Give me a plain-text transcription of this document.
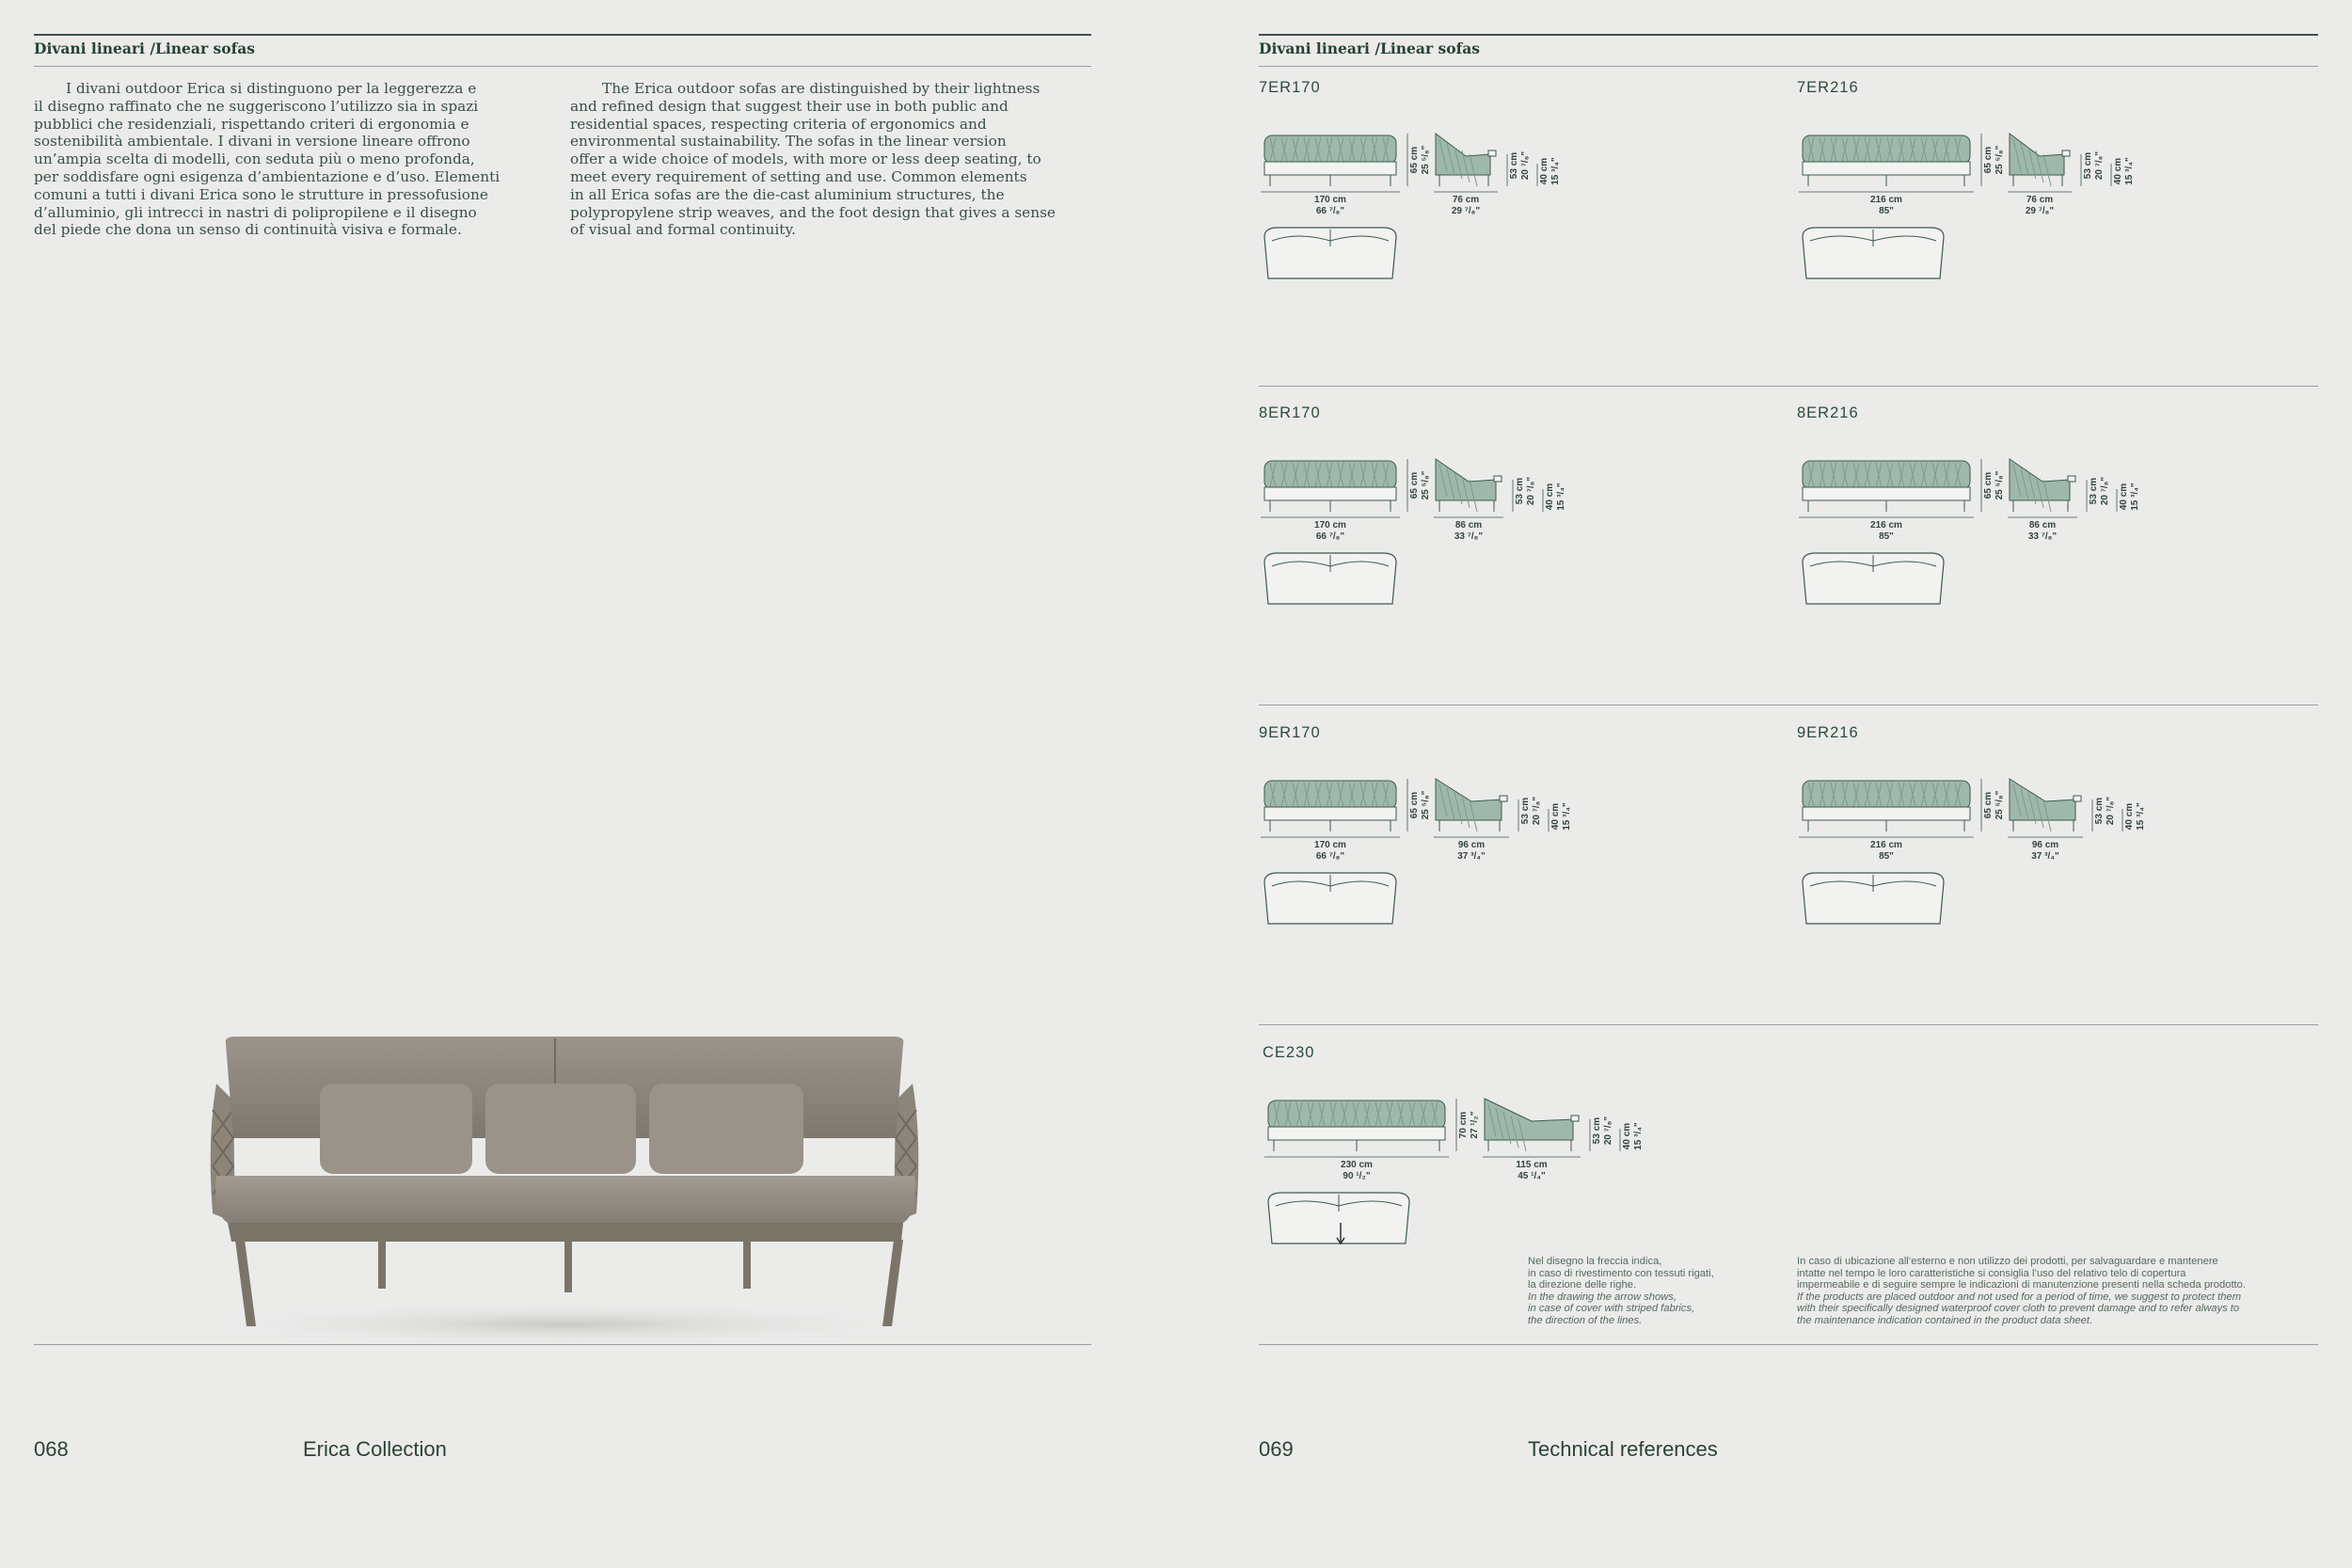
Divani lineari /Linear sofas
I divani outdoor Erica si distinguono per la leggerezza e
il disegno raffinato che ne suggeriscono l’utilizzo sia in spazi
pubblici che residenziali, rispettando criteri di ergonomia e
sostenibilità ambientale. I divani in versione lineare offrono
un’ampia scelta di modelli, con seduta più o meno profonda,
per soddisfare ogni esigenza d’ambientazione e d’uso. Elementi
comuni a tutti i divani Erica sono le strutture in pressofusione
d’alluminio, gli intrecci in nastri di polipropilene e il disegno
del piede che dona un senso di continuità visiva e formale.
The Erica outdoor sofas are distinguished by their lightness
and refined design that suggest their use in both public and
residential spaces, respecting criteria of ergonomics and
environmental sustainability. The sofas in the linear version
offer a wide choice of models, with more or less deep seating, to
meet every requirement of setting and use. Common elements
in all Erica sofas are the die-cast aluminium structures, the
polypropylene strip weaves, and the foot design that gives a sense
of visual and formal continuity.
068	Erica Collection
Divani lineari /Linear sofas
7ER170
170 cm
66 ⁷/₈"
65 cm 25 ⁵/₈"
76 cm
29 ⁷/₈"
53 cm 20 ⁷/₈" 40 cm 15 ³/₄"
7ER216
216 cm
85"
65 cm 25 ⁵/₈"
76 cm
29 ⁷/₈"
53 cm 20 ⁷/₈" 40 cm 15 ³/₄"
8ER170
170 cm
66 ⁷/₈"
65 cm 25 ⁵/₈"
86 cm
33 ⁷/₈"
53 cm 20 ⁷/₈" 40 cm 15 ³/₄"
8ER216
216 cm
85"
65 cm 25 ⁵/₈"
86 cm
33 ⁷/₈"
53 cm 20 ⁷/₈" 40 cm 15 ³/₄"
9ER170
170 cm
66 ⁷/₈"
65 cm 25 ⁵/₈"
96 cm
37 ³/₄"
53 cm 20 ⁷/₈" 40 cm 15 ³/₄"
9ER216
216 cm
85"
65 cm 25 ⁵/₈"
96 cm
37 ³/₄"
53 cm 20 ⁷/₈" 40 cm 15 ³/₄"
CE230
230 cm
90 ¹/₂"
70 cm 27 ¹/₂"
115 cm
45 ¹/₄"
53 cm 20 ⁷/₈" 40 cm 15 ³/₄"
Nel disegno la freccia indica,
in caso di rivestimento con tessuti rigati,
la direzione delle righe.
In the drawing the arrow shows,
in case of cover with striped fabrics,
the direction of the lines.
In caso di ubicazione all’esterno e non utilizzo dei prodotti, per salvaguardare e mantenere
intatte nel tempo le loro caratteristiche si consiglia l’uso del relativo telo di copertura
impermeabile e di seguire sempre le indicazioni di manutenzione presenti nella scheda prodotto.
If the products are placed outdoor and not used for a period of time, we suggest to protect them
with their specifically designed waterproof cover cloth to prevent damage and to refer always to
the maintenance indication contained in the product data sheet.
069	Technical references
